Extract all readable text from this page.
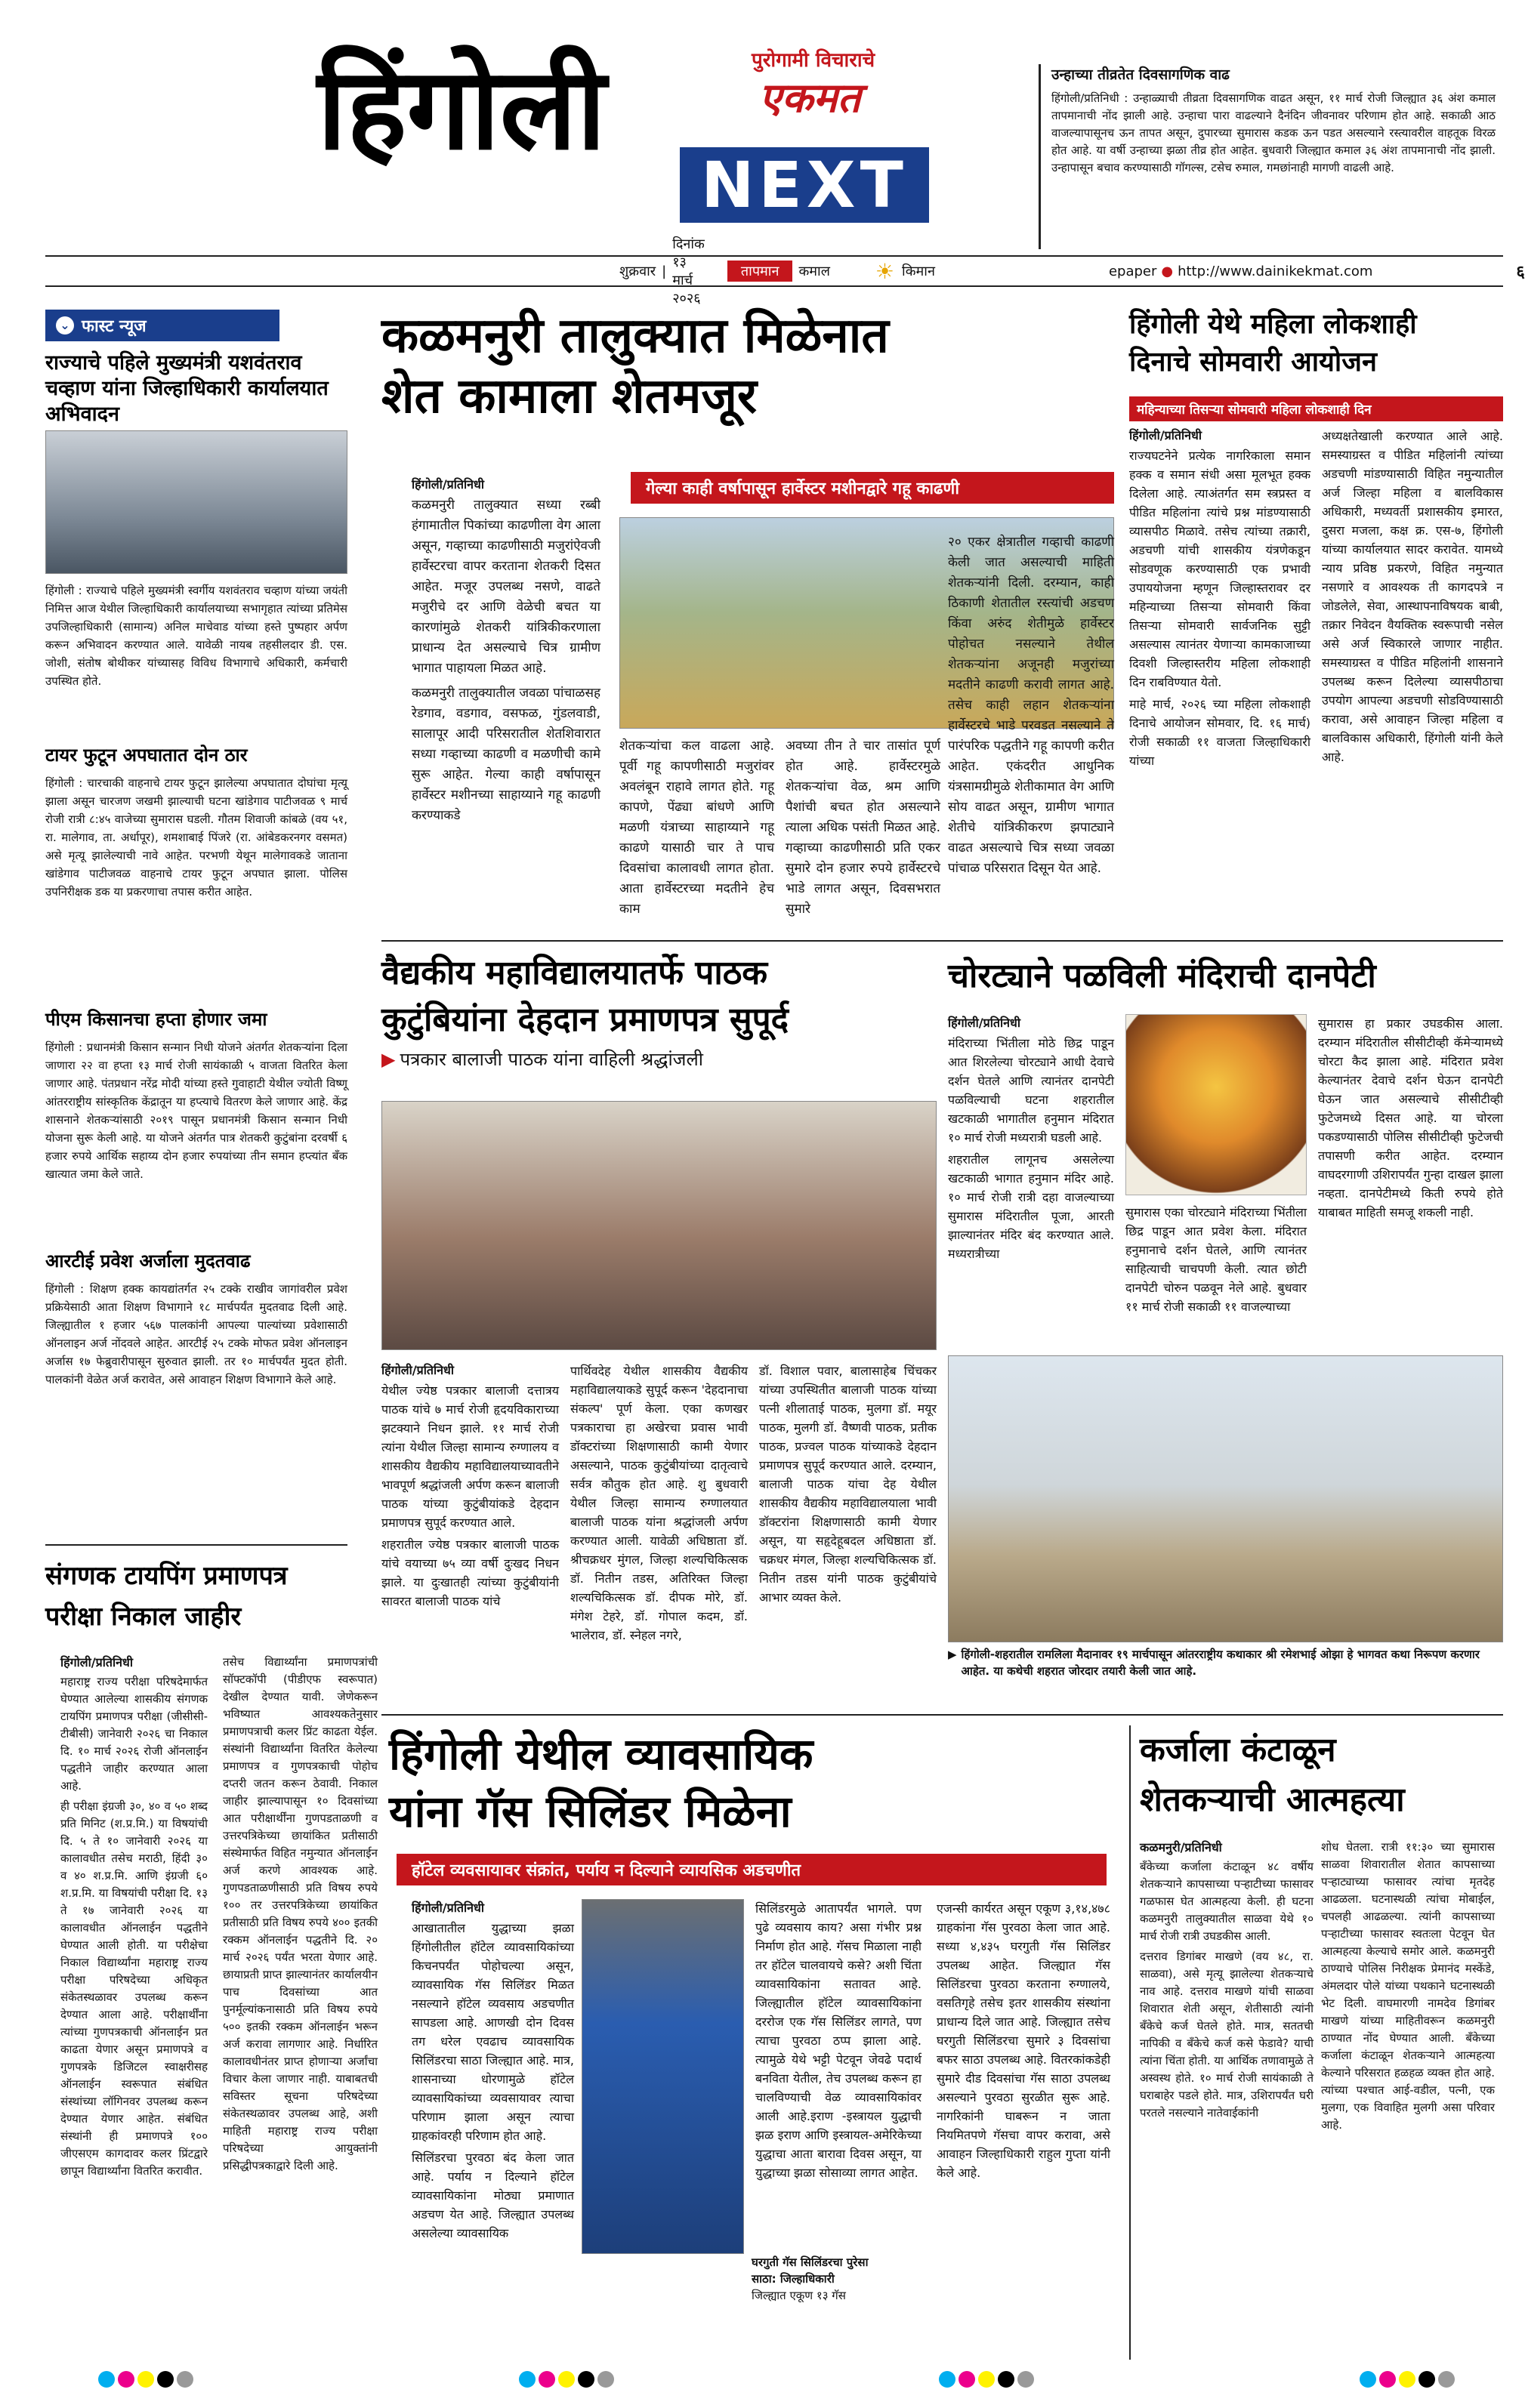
हिंगोली	पुरोगामी विचाराचे
एकमत
NEXT
उन्हाच्या तीव्रतेत दिवसागणिक वाढ
हिंगोली/प्रतिनिधी : उन्हाळ्याची तीव्रता दिवसागणिक वाढत असून, ११ मार्च रोजी जिल्ह्यात ३६ अंश कमाल तापमानाची नोंद झाली आहे. उन्हाचा पारा वाढल्याने दैनंदिन जीवनावर परिणाम होत आहे. सकाळी आठ वाजल्यापासूनच ऊन तापत असून, दुपारच्या सुमारास कडक ऊन पडत असल्याने रस्त्यावरील वाहतूक विरळ होत आहे. या वर्षी उन्हाच्या झळा तीव्र होत आहेत. बुधवारी जिल्ह्यात कमाल ३६ अंश तापमानाची नोंद झाली. उन्हापासून बचाव करण्यासाठी गॉगल्स, टसेच रुमाल, गमछांनाही मागणी वाढली आहे.
शुक्रवार |
दिनांक १३ मार्च २०२६
तापमान	कमाल ☀ किमान	epaper ● http://www.dainikekmat.com	६
⌄ फास्ट न्यूज
राज्याचे पहिले मुख्यमंत्री यशवंतराव चव्हाण यांना जिल्हाधिकारी कार्यालयात अभिवादन
हिंगोली : राज्याचे पहिले मुख्यमंत्री स्वर्गीय यशवंतराव चव्हाण यांच्या जयंती निमित्त आज येथील जिल्हाधिकारी कार्यालयाच्या सभागृहात त्यांच्या प्रतिमेस उपजिल्हाधिकारी (सामान्य) अनिल माचेवाड यांच्या हस्ते पुष्पहार अर्पण करून अभिवादन करण्यात आले. यावेळी नायब तहसीलदार डी. एस. जोशी, संतोष बोथीकर यांच्यासह विविध विभागाचे अधिकारी, कर्मचारी उपस्थित होते.
टायर फुटून अपघातात दोन ठार
हिंगोली : चारचाकी वाहनाचे टायर फुटून झालेल्या अपघातात दोघांचा मृत्यू झाला असून चारजण जखमी झाल्याची घटना खांडेगाव पाटीजवळ ९ मार्च रोजी रात्री ८:४५ वाजेच्या सुमारास घडली. गौतम शिवाजी कांबळे (वय ५१, रा. मालेगाव, ता. अर्धापूर), शमशाबाई पिंजरे (रा. आंबेडकरनगर वसमत) असे मृत्यू झालेल्याची नावे आहेत. परभणी येथून मालेगावकडे जाताना खांडेगाव पाटीजवळ वाहनाचे टायर फुटून अपघात झाला. पोलिस उपनिरीक्षक डक या प्रकरणाचा तपास करीत आहेत.
पीएम किसानचा हप्ता होणार जमा
हिंगोली : प्रधानमंत्री किसान सन्मान निधी योजने अंतर्गत शेतकऱ्यांना दिला जाणारा २२ वा हप्ता १३ मार्च रोजी सायंकाळी ५ वाजता वितरित केला जाणार आहे. पंतप्रधान नरेंद्र मोदी यांच्या हस्ते गुवाहाटी येथील ज्योती विष्णू आंतरराष्ट्रीय सांस्कृतिक केंद्रातून या हप्त्याचे वितरण केले जाणार आहे. केंद्र शासनाने शेतकऱ्यांसाठी २०१९ पासून प्रधानमंत्री किसान सन्मान निधी योजना सुरू केली आहे. या योजने अंतर्गत पात्र शेतकरी कुटुंबांना दरवर्षी ६ हजार रुपये आर्थिक सहाय्य दोन हजार रुपयांच्या तीन समान हप्त्यांत बँक खात्यात जमा केले जाते.
आरटीई प्रवेश अर्जाला मुदतवाढ
हिंगोली : शिक्षण हक्क कायद्यांतर्गत २५ टक्के राखीव जागांवरील प्रवेश प्रक्रियेसाठी आता शिक्षण विभागाने १८ मार्चपर्यंत मुदतवाढ दिली आहे. जिल्ह्यातील १ हजार ५६७ पालकांनी आपल्या पाल्यांच्या प्रवेशासाठी ऑनलाइन अर्ज नोंदवले आहेत. आरटीई २५ टक्के मोफत प्रवेश ऑनलाइन अर्जास १७ फेब्रुवारीपासून सुरुवात झाली. तर १० मार्चपर्यंत मुदत होती. पालकांनी वेळेत अर्ज करावेत, असे आवाहन शिक्षण विभागाने केले आहे.
कळमनुरी तालुक्यात मिळेनात
शेत कामाला शेतमजूर
गेल्या काही वर्षापासून हार्वेस्टर मशीनद्वारे गहू काढणी
हिंगोली/प्रतिनिधी
कळमनुरी तालुक्यात सध्या रब्बी हंगामातील पिकांच्या काढणीला वेग आला असून, गव्हाच्या काढणीसाठी मजुरांऐवजी हार्वेस्टरचा वापर करताना शेतकरी दिसत आहेत. मजूर उपलब्ध नसणे, वाढते मजुरीचे दर आणि वेळेची बचत या कारणांमुळे शेतकरी यांत्रिकीकरणाला प्राधान्य देत असल्याचे चित्र ग्रामीण भागात पाहायला मिळत आहे.
कळमनुरी तालुक्यातील जवळा पांचाळसह रेडगाव, वडगाव, वसफळ, गुंडलवाडी, सालापूर आदी परिसरातील शेतशिवारात सध्या गव्हाच्या काढणी व मळणीची कामे सुरू आहेत. गेल्या काही वर्षापासून हार्वेस्टर मशीनच्या साहाय्याने गहू काढणी करण्याकडे
शेतकऱ्यांचा कल वाढला आहे. पूर्वी गहू कापणीसाठी मजुरांवर अवलंबून राहावे लागत होते. गहू कापणे, पेंढ्या बांधणे आणि मळणी यंत्राच्या साहाय्याने गहू काढणे यासाठी चार ते पाच दिवसांचा कालावधी लागत होता. आता हार्वेस्टरच्या मदतीने हेच काम
अवघ्या तीन ते चार तासांत पूर्ण होत आहे. हार्वेस्टरमुळे शेतकऱ्यांचा वेळ, श्रम आणि पैशांची बचत होत असल्याने त्याला अधिक पसंती मिळत आहे. गव्हाच्या काढणीसाठी प्रति एकर सुमारे दोन हजार रुपये हार्वेस्टरचे भाडे लागत असून, दिवसभरात सुमारे
२० एकर क्षेत्रातील गव्हाची काढणी केली जात असल्याची माहिती शेतकऱ्यांनी दिली. दरम्यान, काही ठिकाणी शेतातील रस्त्यांची अडचण किंवा अरुंद शेतीमुळे हार्वेस्टर पोहोचत नसल्याने तेथील शेतकऱ्यांना अजूनही मजुरांच्या मदतीने काढणी करावी लागत आहे. तसेच काही लहान शेतकऱ्यांना हार्वेस्टरचे भाडे परवडत नसल्याने ते पारंपरिक पद्धतीने गहू कापणी करीत आहेत. एकंदरीत आधुनिक यंत्रसामग्रीमुळे शेतीकामात वेग आणि सोय वाढत असून, ग्रामीण भागात शेतीचे यांत्रिकीकरण झपाट्याने वाढत असल्याचे चित्र सध्या जवळा पांचाळ परिसरात दिसून येत आहे.
हिंगोली येथे महिला लोकशाही
दिनाचे सोमवारी आयोजन
महिन्याच्या तिसऱ्या सोमवारी महिला लोकशाही दिन
हिंगोली/प्रतिनिधी
राज्यघटनेने प्रत्येक नागरिकाला समान हक्क व समान संधी असा मूलभूत हक्क दिलेला आहे. त्याअंतर्गत सम स्त्रप्रस्त व पीडित महिलांना त्यांचे प्रश्न मांडण्यासाठी व्यासपीठ मिळावे. तसेच त्यांच्या तक्रारी, अडचणी यांची शासकीय यंत्रणेकडून सोडवणूक करण्यासाठी एक प्रभावी उपाययोजना म्हणून जिल्हास्तरावर दर महिन्याच्या तिसऱ्या सोमवारी किंवा तिसऱ्या सोमवारी सार्वजनिक सुट्टी असल्यास त्यानंतर येणाऱ्या कामकाजाच्या दिवशी जिल्हास्तरीय महिला लोकशाही दिन राबविण्यात येतो.
माहे मार्च, २०२६ च्या महिला लोकशाही दिनाचे आयोजन सोमवार, दि. १६ मार्च) रोजी सकाळी ११ वाजता जिल्हाधिकारी यांच्या
अध्यक्षतेखाली करण्यात आले आहे. समस्याग्रस्त व पीडित महिलांनी त्यांच्या अडचणी मांडण्यासाठी विहित नमुन्यातील अर्ज जिल्हा महिला व बालविकास अधिकारी, मध्यवर्ती प्रशासकीय इमारत, दुसरा मजला, कक्ष क्र. एस-७, हिंगोली यांच्या कार्यालयात सादर करावेत. यामध्ये न्याय प्रविष्ठ प्रकरणे, विहित नमुन्यात नसणारे व आवश्यक ती कागदपत्रे न जोडलेले, सेवा, आस्थापनाविषयक बाबी, तक्रार निवेदन वैयक्तिक स्वरूपाची नसेल असे अर्ज स्विकारले जाणार नाहीत. समस्याग्रस्त व पीडित महिलांनी शासनाने उपलब्ध करून दिलेल्या व्यासपीठाचा उपयोग आपल्या अडचणी सोडविण्यासाठी करावा, असे आवाहन जिल्हा महिला व बालविकास अधिकारी, हिंगोली यांनी केले आहे.
वैद्यकीय महाविद्यालयातर्फे पाठक
कुटुंबियांना देहदान प्रमाणपत्र सुपूर्द
▶ पत्रकार बालाजी पाठक यांना वाहिली श्रद्धांजली
हिंगोली/प्रतिनिधी
येथील ज्येष्ठ पत्रकार बालाजी दत्तात्रय पाठक यांचे ७ मार्च रोजी हृदयविकाराच्या झटक्याने निधन झाले. ११ मार्च रोजी त्यांना येथील जिल्हा सामान्य रुग्णालय व शासकीय वैद्यकीय महाविद्यालयाच्यावतीने भावपूर्ण श्रद्धांजली अर्पण करून बालाजी पाठक यांच्या कुटुंबीयांकडे देहदान प्रमाणपत्र सुपूर्द करण्यात आले.
शहरातील ज्येष्ठ पत्रकार बालाजी पाठक यांचे वयाच्या ७५ व्या वर्षी दुःखद निधन झाले. या दुःखातही त्यांच्या कुटुंबीयांनी सावरत बालाजी पाठक यांचे
पार्थिवदेह येथील शासकीय वैद्यकीय महाविद्यालयाकडे सुपूर्द करून 'देहदानाचा संकल्प' पूर्ण केला. एका कणखर पत्रकाराचा हा अखेरचा प्रवास भावी डॉक्टरांच्या शिक्षणासाठी कामी येणार असल्याने, पाठक कुटुंबीयांच्या दातृत्वाचे सर्वत्र कौतुक होत आहे. शु बुधवारी येथील जिल्हा सामान्य रुग्णालयात बालाजी पाठक यांना श्रद्धांजली अर्पण करण्यात आली. यावेळी अधिष्ठाता डॉ. श्रीचक्रधर मुंगल, जिल्हा शल्यचिकित्सक डॉ. नितीन तडस, अतिरिक्त जिल्हा शल्यचिकित्सक डॉ. दीपक मोरे, डॉ. मंगेश टेहरे, डॉ. गोपाल कदम, डॉ. भालेराव, डॉ. स्नेहल नगरे,
डॉ. विशाल पवार, बालासाहेब चिंचकर यांच्या उपस्थितीत बालाजी पाठक यांच्या पत्नी शीलाताई पाठक, मुलगा डॉ. मयूर पाठक, मुलगी डॉ. वैष्णवी पाठक, प्रतीक पाठक, प्रज्वल पाठक यांच्याकडे देहदान प्रमाणपत्र सुपूर्द करण्यात आले. दरम्यान, बालाजी पाठक यांचा देह येथील शासकीय वैद्यकीय महाविद्यालयाला भावी डॉक्टरांना शिक्षणासाठी कामी येणार असून, या सहृदेहूबदल अधिष्ठाता डॉ. चक्रधर मंगल, जिल्हा शल्यचिकित्सक डॉ. नितीन तडस यांनी पाठक कुटुंबीयांचे आभार व्यक्त केले.
चोरट्याने पळविली मंदिराची दानपेटी
हिंगोली/प्रतिनिधी
मंदिराच्या भिंतीला मोठे छिद्र पाडून आत शिरलेल्या चोरट्याने आधी देवाचे दर्शन घेतले आणि त्यानंतर दानपेटी पळविल्याची घटना शहरातील खटकाळी भागातील हनुमान मंदिरात १० मार्च रोजी मध्यरात्री घडली आहे.
शहरातील लागूनच असलेल्या खटकाळी भागात हनुमान मंदिर आहे. १० मार्च रोजी रात्री दहा वाजल्याच्या सुमारास मंदिरातील पूजा, आरती झाल्यानंतर मंदिर बंद करण्यात आले. मध्यरात्रीच्या
सुमारास एका चोरट्याने मंदिराच्या भिंतीला छिद्र पाडून आत प्रवेश केला. मंदिरात हनुमानाचे दर्शन घेतले, आणि त्यानंतर साहित्याची चाचपणी केली. त्यात छोटी दानपेटी चोरुन पळवून नेले आहे. बुधवार ११ मार्च रोजी सकाळी ११ वाजल्याच्या
सुमारास हा प्रकार उघडकीस आला. दरम्यान मंदिरातील सीसीटीव्ही कॅमेऱ्यामध्ये चोरटा कैद झाला आहे. मंदिरात प्रवेश केल्यानंतर देवाचे दर्शन घेऊन दानपेटी घेऊन जात असल्याचे सीसीटीव्ही फुटेजमध्ये दिसत आहे. या चोरला पकडण्यासाठी पोलिस सीसीटीव्ही फुटेजची तपासणी करीत आहेत. दरम्यान वाघदरगाणी उशिरापर्यंत गुन्हा दाखल झाला नव्हता. दानपेटीमध्ये किती रुपये होते याबाबत माहिती समजू शकली नाही.
▶ हिंगोली-शहरातील रामलिला मैदानावर १९ मार्चपासून आंतरराष्ट्रीय कथाकार श्री रमेशभाई ओझा हे भागवत कथा निरूपण करणार आहेत. या कथेची शहरात जोरदार तयारी केली जात आहे.
संगणक टायपिंग प्रमाणपत्र
परीक्षा निकाल जाहीर
हिंगोली/प्रतिनिधी
महाराष्ट्र राज्य परीक्षा परिषदेमार्फत घेण्यात आलेल्या शासकीय संगणक टायपिंग प्रमाणपत्र परीक्षा (जीसीसी-टीबीसी) जानेवारी २०२६ चा निकाल दि. १० मार्च २०२६ रोजी ऑनलाईन पद्धतीने जाहीर करण्यात आला आहे.
ही परीक्षा इंग्रजी ३०, ४० व ५० शब्द प्रति मिनिट (श.प्र.मि.) या विषयांची दि. ५ ते १० जानेवारी २०२६ या कालावधीत तसेच मराठी, हिंदी ३० व ४० श.प्र.मि. आणि इंग्रजी ६० श.प्र.मि. या विषयांची परीक्षा दि. १३ ते १७ जानेवारी २०२६ या कालावधीत ऑनलाईन पद्धतीने घेण्यात आली होती. या परीक्षेचा निकाल विद्यार्थ्यांना महाराष्ट्र राज्य परीक्षा परिषदेच्या अधिकृत संकेतस्थळावर उपलब्ध करून देण्यात आला आहे. परीक्षार्थींना त्यांच्या गुणपत्रकाची ऑनलाईन प्रत काढता येणार असून प्रमाणपत्रे व गुणपत्रके डिजिटल स्वाक्षरीसह ऑनलाईन स्वरूपात संबंधित संस्थांच्या लॉगिनवर उपलब्ध करून देण्यात येणार आहेत. संबंधित संस्थांनी ही प्रमाणपत्रे १०० जीएसएम कागदावर कलर प्रिंटद्वारे छापून विद्यार्थ्यांना वितरित करावीत.
तसेच विद्यार्थ्यांना प्रमाणपत्रांची सॉफ्टकॉपी (पीडीएफ स्वरूपात) देखील देण्यात यावी. जेणेकरून भविष्यात आवश्यकतेनुसार प्रमाणपत्राची कलर प्रिंट काढता येईल. संस्थांनी विद्यार्थ्यांना वितरित केलेल्या प्रमाणपत्र व गुणपत्रकाची पोहोच दप्तरी जतन करून ठेवावी. निकाल जाहीर झाल्यापासून १० दिवसांच्या आत परीक्षार्थींना गुणपडताळणी व उत्तरपत्रिकेच्या छायांकित प्रतीसाठी संस्थेमार्फत विहित नमुन्यात ऑनलाईन अर्ज करणे आवश्यक आहे. गुणपडताळणीसाठी प्रति विषय रुपये १०० तर उत्तरपत्रिकेच्या छायांकित प्रतीसाठी प्रति विषय रुपये ४०० इतकी रक्कम ऑनलाईन पद्धतीने दि. २० मार्च २०२६ पर्यंत भरता येणार आहे. छायाप्रती प्राप्त झाल्यानंतर कार्यालयीन पाच दिवसांच्या आत पुनर्मूल्यांकनासाठी प्रति विषय रुपये ५०० इतकी रक्कम ऑनलाईन भरून अर्ज करावा लागणार आहे. निर्धारित कालावधीनंतर प्राप्त होणाऱ्या अर्जांचा विचार केला जाणार नाही. याबाबतची सविस्तर सूचना परिषदेच्या संकेतस्थळावर उपलब्ध आहे, अशी माहिती महाराष्ट्र राज्य परीक्षा परिषदेच्या आयुक्तांनी प्रसिद्धीपत्रकाद्वारे दिली आहे.
हिंगोली येथील व्यावसायिक
यांना गॅस सिलिंडर मिळेना
हॉटेल व्यवसायावर संक्रांत, पर्याय न दिल्याने व्यायसिक अडचणीत
हिंगोली/प्रतिनिधी
आखातातील युद्धाच्या झळा हिंगोलीतील हॉटेल व्यावसायिकांच्या किचनपर्यंत पोहोचल्या असून, व्यावसायिक गॅस सिलिंडर मिळत नसल्याने हॉटेल व्यवसाय अडचणीत सापडला आहे. आणखी दोन दिवस तग धरेल एवढाच व्यावसायिक सिलिंडरचा साठा जिल्ह्यात आहे. मात्र, शासनाच्या धोरणामुळे हॉटेल व्यावसायिकांच्या व्यवसायावर त्याचा परिणाम झाला असून त्याचा ग्राहकांवरही परिणाम होत आहे.
सिलिंडरचा पुरवठा बंद केला जात आहे. पर्याय न दिल्याने हॉटेल व्यावसायिकांना मोठ्या प्रमाणात अडचण येत आहे. जिल्ह्यात उपलब्ध असलेल्या व्यावसायिक
घरगुती गॅस सिलिंडरचा पुरेसा
साठा: जिल्हाधिकारी
जिल्ह्यात एकूण १३ गॅस
सिलिंडरमुळे आतापर्यंत भागले. पण पुढे व्यवसाय काय? असा गंभीर प्रश्न निर्माण होत आहे. गॅसच मिळाला नाही तर हॉटेल चालवायचे कसे? अशी चिंता व्यावसायिकांना सतावत आहे. जिल्ह्यातील हॉटेल व्यावसायिकांना दररोज एक गॅस सिलिंडर लागते, पण त्याचा पुरवठा ठप्प झाला आहे. त्यामुळे येथे भट्टी पेटवून जेवढे पदार्थ बनविता येतील, तेच उपलब्ध करून हा चालविण्याची वेळ व्यावसायिकांवर आली आहे.इराण -इस्त्रायल युद्धाची झळ इराण आणि इस्त्रायल-अमेरिकेच्या युद्धाचा आता बारावा दिवस असून, या युद्धाच्या झळा सोसाव्या लागत आहेत.
एजन्सी कार्यरत असून एकूण ३,१४,४७८ ग्राहकांना गॅस पुरवठा केला जात आहे. सध्या ४,४३५ घरगुती गॅस सिलिंडर उपलब्ध आहेत. जिल्ह्यात गॅस सिलिंडरचा पुरवठा करताना रुग्णालये, वसतिगृहे तसेच इतर शासकीय संस्थांना प्राधान्य दिले जात आहे. जिल्ह्यात तसेच घरगुती सिलिंडरचा सुमारे ३ दिवसांचा बफर साठा उपलब्ध आहे. वितरकांकडेही सुमारे दीड दिवसांचा गॅस साठा उपलब्ध असल्याने पुरवठा सुरळीत सुरू आहे. नागरिकांनी घाबरून न जाता नियमितपणे गॅसचा वापर करावा, असे आवाहन जिल्हाधिकारी राहुल गुप्ता यांनी केले आहे.
कर्जाला कंटाळून
शेतकऱ्याची आत्महत्या
कळमनुरी/प्रतिनिधी
बँकेच्या कर्जाला कंटाळून ४८ वर्षीय शेतकऱ्याने कापसाच्या पऱ्हाटीच्या फासावर गळफास घेत आत्महत्या केली. ही घटना कळमनुरी तालुक्यातील साळवा येथे १० मार्च रोजी रात्री उघडकीस आली.
दत्तराव डिगांबर माखणे (वय ४८, रा. साळवा), असे मृत्यू झालेल्या शेतकऱ्याचे नाव आहे. दत्तराव माखणे यांची साळवा शिवारात शेती असून, शेतीसाठी त्यांनी बँकेचे कर्ज घेतले होते. मात्र, सततची नापिकी व बँकेचे कर्ज कसे फेडावे? याची त्यांना चिंता होती. या आर्थिक तणावामुळे ते अस्वस्थ होते. १० मार्च रोजी सायंकाळी ते घराबाहेर पडले होते. मात्र, उशिरापर्यंत घरी परतले नसल्याने नातेवाईकांनी
शोध घेतला. रात्री ११:३० च्या सुमारास साळवा शिवारातील शेतात कापसाच्या पऱ्हाट्याच्या फासावर त्यांचा मृतदेह आढळला. घटनास्थळी त्यांचा मोबाईल, चपलही आढळल्या. त्यांनी कापसाच्या पऱ्हाटीच्या फासावर स्वतःला पेटवून घेत आत्महत्या केल्याचे समोर आले. कळमनुरी ठाण्याचे पोलिस निरीक्षक प्रेमानंद मस्केंडे, अंमलदार पोले यांच्या पथकाने घटनास्थळी भेट दिली. वाघमारणी नामदेव डिगांबर माखणे यांच्या माहितीवरून कळमनुरी ठाण्यात नोंद घेण्यात आली. बँकेच्या कर्जाला कंटाळून शेतकऱ्याने आत्महत्या केल्याने परिसरात हळहळ व्यक्त होत आहे. त्यांच्या पश्चात आई-वडील, पत्नी, एक मुलगा, एक विवाहित मुलगी असा परिवार आहे.
